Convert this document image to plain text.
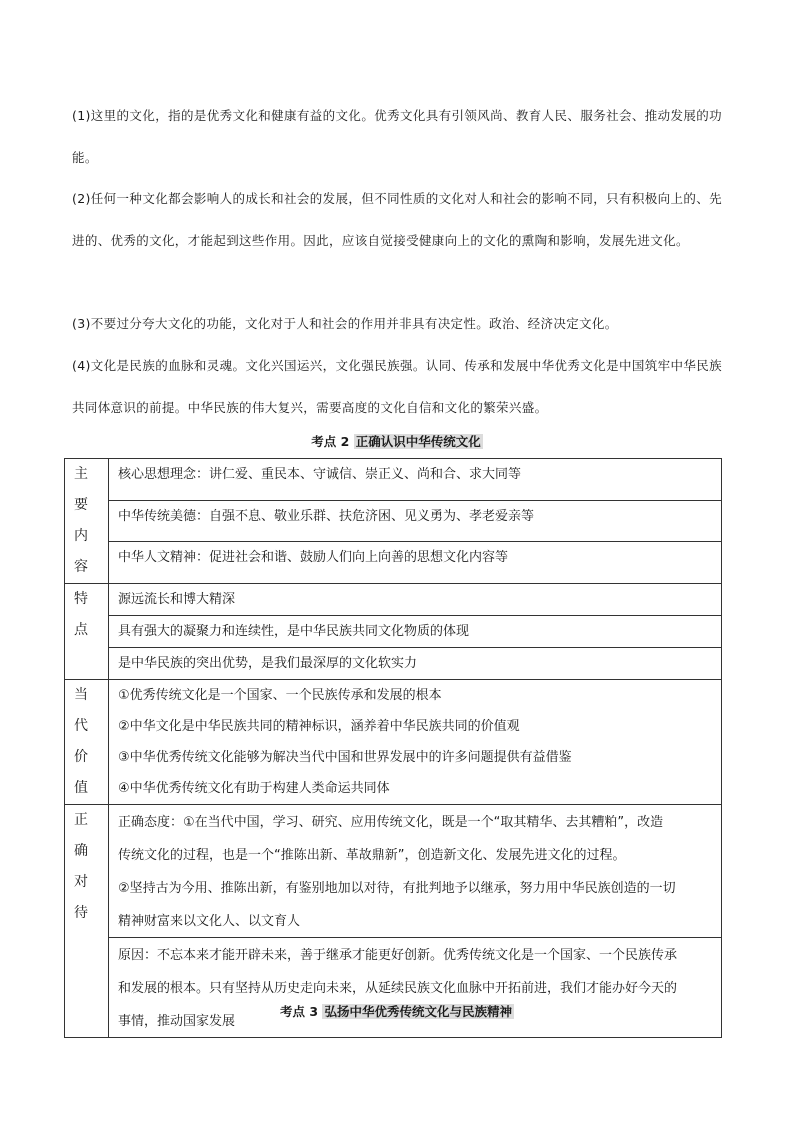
(1)这里的文化，指的是优秀文化和健康有益的文化。优秀文化具有引领风尚、教育人民、服务社会、推动发展的功能。
(2)任何一种文化都会影响人的成长和社会的发展，但不同性质的文化对人和社会的影响不同，只有积极向上的、先进的、优秀的文化，才能起到这些作用。因此，应该自觉接受健康向上的文化的熏陶和影响，发展先进文化。
(3)不要过分夸大文化的功能，文化对于人和社会的作用并非具有决定性。政治、经济决定文化。
(4)文化是民族的血脉和灵魂。文化兴国运兴，文化强民族强。认同、传承和发展中华优秀文化是中国筑牢中华民族共同体意识的前提。中华民族的伟大复兴，需要高度的文化自信和文化的繁荣兴盛。
考点 2 正确认识中华传统文化
主要
内容	核心思想理念：讲仁爱、重民本、守诚信、崇正义、尚和合、求大同等
	中华传统美德：自强不息、敬业乐群、扶危济困、见义勇为、孝老爱亲等
	中华人文精神：促进社会和谐、鼓励人们向上向善的思想文化内容等

特点	源远流长和博大精深
	具有强大的凝聚力和连续性，是中华民族共同文化物质的体现
	是中华民族的突出优势，是我们最深厚的文化软实力

当代
价值	①优秀传统文化是一个国家、一个民族传承和发展的根本
②中华文化是中华民族共同的精神标识，涵养着中华民族共同的价值观
③中华优秀传统文化能够为解决当代中国和世界发展中的许多问题提供有益借鉴
④中华优秀传统文化有助于构建人类命运共同体

正确
对待	正确态度：①在当代中国，学习、研究、应用传统文化，既是一个“取其精华、去其糟粕”，改造
传统文化的过程，也是一个“推陈出新、革故鼎新”，创造新文化、发展先进文化的过程。
②坚持古为今用、推陈出新，有鉴别地加以对待，有批判地予以继承，努力用中华民族创造的一切
精神财富来以文化人、以文育人

	原因：不忘本来才能开辟未来，善于继承才能更好创新。优秀传统文化是一个国家、一个民族传承
和发展的根本。只有坚持从历史走向未来，从延续民族文化血脉中开拓前进，我们才能办好今天的
事情，推动国家发展
考点 3 弘扬中华优秀传统文化与民族精神
